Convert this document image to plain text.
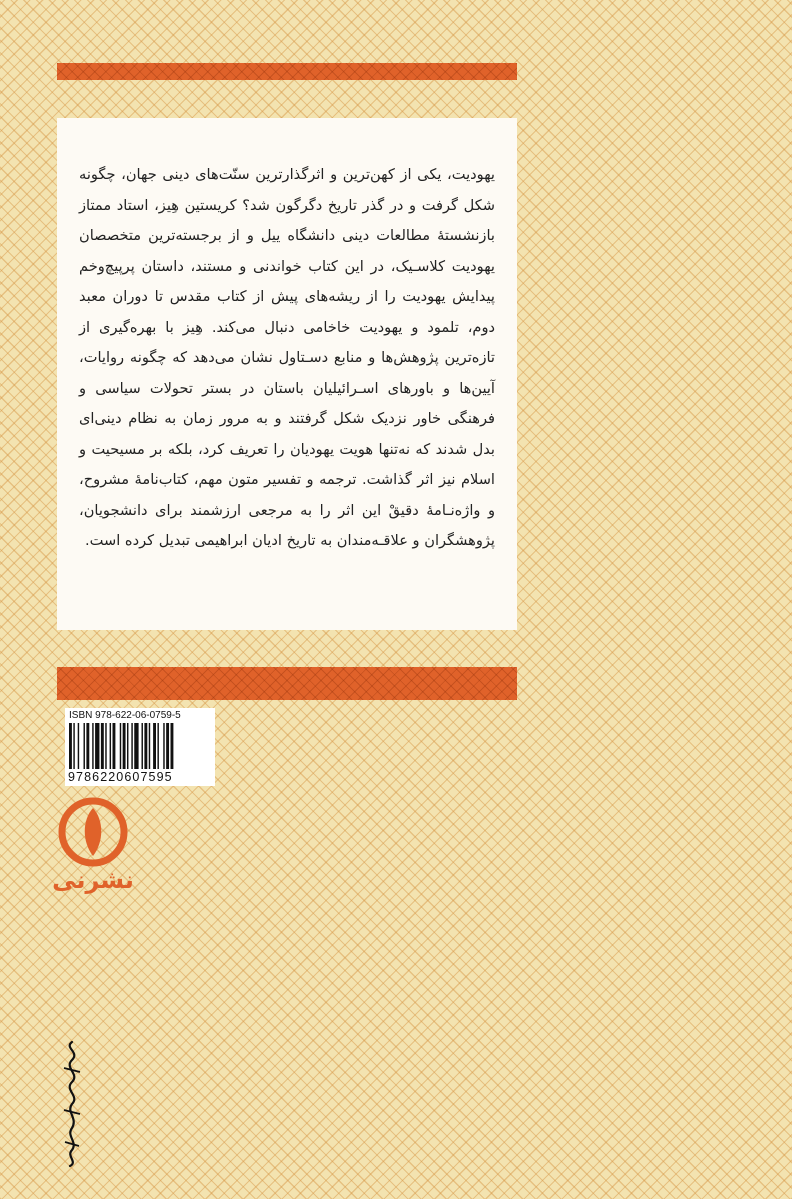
یهودیت، یکی از کهن‌ترین و اثرگذارترین سنّت‌های دینی جهان، چگونه شکل گرفت و در گذر تاریخ دگرگون شد؟ کریستین هِیز، استاد ممتاز بازنشستهٔ مطالعات دینی دانشگاه ییل و از برجسته‌ترین متخصصان یهودیت کلاسـیک، در این کتاب خواندنی و مستند، داستان پرپیچ‌وخم پیدایش یهودیت را از ریشه‌های پیش از کتاب مقدس تا دوران معبد دوم، تلمود و یهودیت خاخامی دنبال می‌کند. هِیز با بهره‌گیری از تازه‌ترین پژوهش‌ها و منابع دسـتاول نشان می‌دهد که چگونه روایات، آیین‌ها و باورهای اسـرائیلیان باستان در بستر تحولات سیاسی و فرهنگی خاور نزدیک شکل گرفتند و به مرور زمان به نظام دینی‌ای بدل شدند که نه‌تنها هویت یهودیان را تعریف کرد، بلکه بر مسیحیت و اسلام نیز اثر گذاشت. ترجمه و تفسیر متون مهم، کتاب‌نامهٔ مشروح، و واژه‌نـامهٔ دقیقْ این اثر را به مرجعی ارزشمند برای دانشجویان، پژوهشگران و علاقـه‌مندان به تاریخ ادیان ابراهیمی تبدیل کرده است.

ISBN 978-622-06-0759-5
9786220607595
نشرنی
